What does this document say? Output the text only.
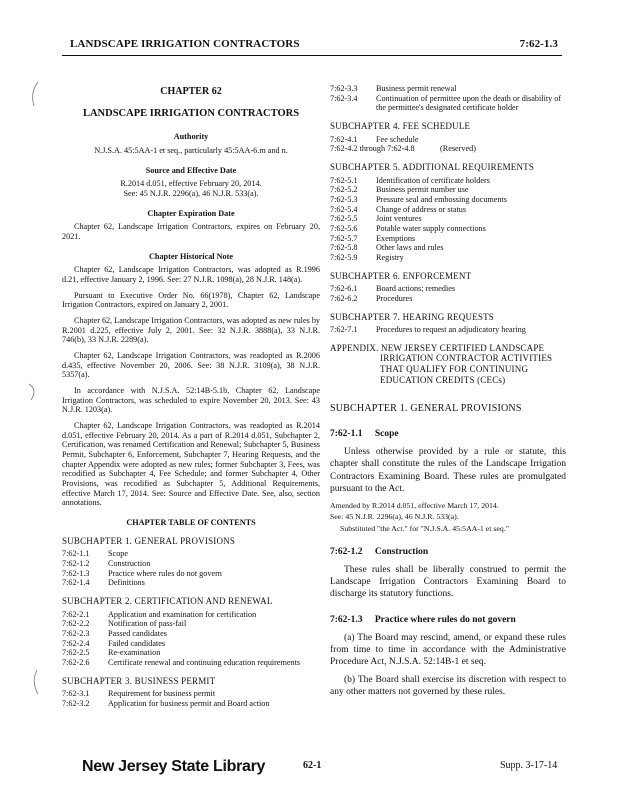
LANDSCAPE IRRIGATION CONTRACTORS	7:62-1.3
CHAPTER 62
LANDSCAPE IRRIGATION CONTRACTORS
Authority
N.J.S.A. 45:5AA-1 et seq., particularly 45:5AA-6.m and n.
Source and Effective Date
R.2014 d.051, effective February 20, 2014.
See: 45 N.J.R. 2296(a), 46 N.J.R. 533(a).
Chapter Expiration Date
Chapter 62, Landscape Irrigation Contractors, expires on February 20, 2021.
Chapter Historical Note
Chapter 62, Landscape Irrigation Contractors, was adopted as R.1996 d.21, effective January 2, 1996. See: 27 N.J.R. 1098(a), 28 N.J.R. 148(a).
Pursuant to Executive Order No. 66(1978), Chapter 62, Landscape Irrigation Contractors, expired on January 2, 2001.
Chapter 62, Landscape Irrigation Contractors, was adopted as new rules by R.2001 d.225, effective July 2, 2001. See: 32 N.J.R. 3888(a), 33 N.J.R. 746(b), 33 N.J.R. 2289(a).
Chapter 62, Landscape Irrigation Contractors, was readopted as R.2006 d.435, effective November 20, 2006. See: 38 N.J.R. 3109(a), 38 N.J.R. 5357(a).
In accordance with N.J.S.A. 52:14B-5.1b, Chapter 62, Landscape Irrigation Contractors, was scheduled to expire November 20, 2013. See: 43 N.J.R. 1203(a).
Chapter 62, Landscape Irrigation Contractors, was readopted as R.2014 d.051, effective February 20, 2014. As a part of R.2014 d.051, Subchapter 2, Certification, was renamed Certification and Renewal; Subchapter 5, Business Permit, Subchapter 6, Enforcement, Subchapter 7, Hearing Requests, and the chapter Appendix were adopted as new rules; former Subchapter 3, Fees, was recodified as Subchapter 4, Fee Schedule; and former Subchapter 4, Other Provisions, was recodified as Subchapter 5, Additional Requirements, effective March 17, 2014. See: Source and Effective Date. See, also, section annotations.
CHAPTER TABLE OF CONTENTS
SUBCHAPTER 1. GENERAL PROVISIONS
7:62-1.1	Scope
7:62-1.2	Construction
7:62-1.3	Practice where rules do not govern
7:62-1.4	Definitions
SUBCHAPTER 2. CERTIFICATION AND RENEWAL
7:62-2.1	Application and examination for certification
7:62-2.2	Notification of pass-fail
7:62-2.3	Passed candidates
7:62-2.4	Failed candidates
7:62-2.5	Re-examination
7:62-2.6	Certificate renewal and continuing education requirements
SUBCHAPTER 3. BUSINESS PERMIT
7:62-3.1	Requirement for business permit
7:62-3.2	Application for business permit and Board action
7:62-3.3	Business permit renewal
7:62-3.4	Continuation of permittee upon the death or disability of the permittee's designated certificate holder
SUBCHAPTER 4. FEE SCHEDULE
7:62-4.1	Fee schedule
7:62-4.2 through 7:62-4.8	(Reserved)
SUBCHAPTER 5. ADDITIONAL REQUIREMENTS
7:62-5.1	Identification of certificate holders
7:62-5.2	Business permit number use
7:62-5.3	Pressure seal and embossing documents
7:62-5.4	Change of address or status
7:62-5.5	Joint ventures
7:62-5.6	Potable water supply connections
7:62-5.7	Exemptions
7:62-5.8	Other laws and rules
7:62-5.9	Registry
SUBCHAPTER 6. ENFORCEMENT
7:62-6.1	Board actions; remedies
7:62-6.2	Procedures
SUBCHAPTER 7. HEARING REQUESTS
7:62-7.1	Procedures to request an adjudicatory hearing
APPENDIX. NEW JERSEY CERTIFIED LANDSCAPE IRRIGATION CONTRACTOR ACTIVITIES THAT QUALIFY FOR CONTINUING EDUCATION CREDITS (CECs)
SUBCHAPTER 1. GENERAL PROVISIONS
7:62-1.1 Scope
Unless otherwise provided by a rule or statute, this chapter shall constitute the rules of the Landscape Irrigation Contractors Examining Board. These rules are promulgated pursuant to the Act.
Amended by R.2014 d.051, effective March 17, 2014.
See: 45 N.J.R. 2296(a), 46 N.J.R. 533(a).
Substituted "the Act." for "N.J.S.A. 45:5AA-1 et seq."
7:62-1.2 Construction
These rules shall be liberally construed to permit the Landscape Irrigation Contractors Examining Board to discharge its statutory functions.
7:62-1.3 Practice where rules do not govern
(a) The Board may rescind, amend, or expand these rules from time to time in accordance with the Administrative Procedure Act, N.J.S.A. 52:14B-1 et seq.
(b) The Board shall exercise its discretion with respect to any other matters not governed by these rules.
New Jersey State Library	62-1	Supp. 3-17-14
